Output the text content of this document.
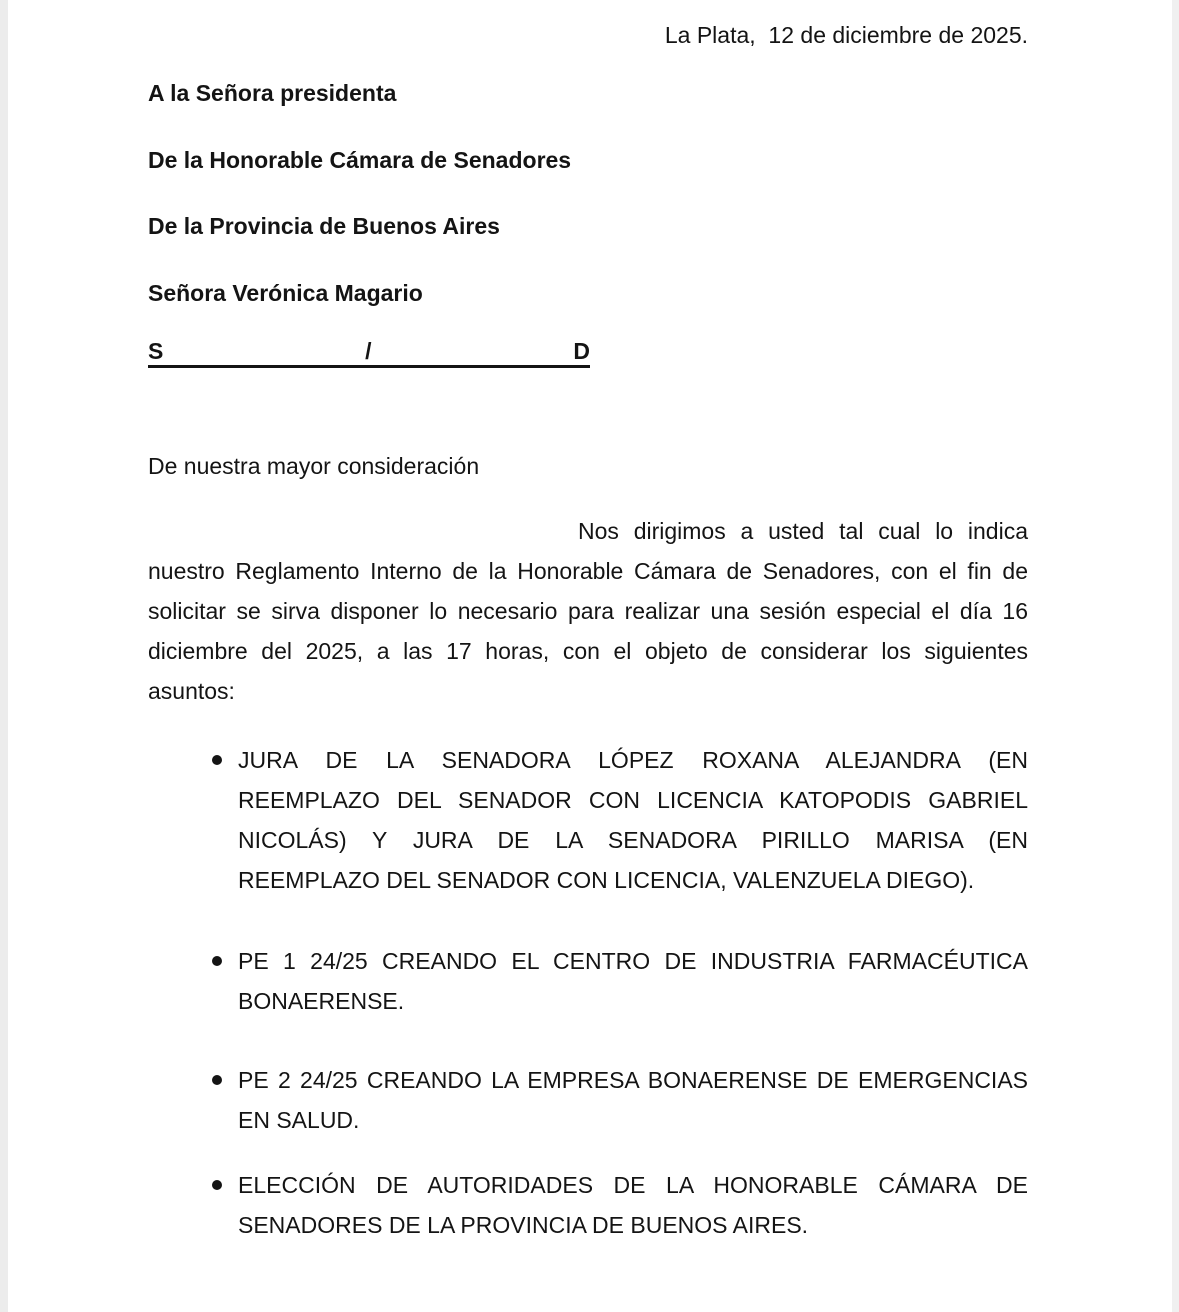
La Plata,  12 de diciembre de 2025.
A la Señora presidenta
De la Honorable Cámara de Senadores
De la Provincia de Buenos Aires
Señora Verónica Magario
S	/	D
De nuestra mayor consideración
Nos dirigimos a usted tal cual lo indica
nuestro Reglamento Interno de la Honorable Cámara de Senadores, con el fin de
solicitar se sirva disponer lo necesario para realizar una sesión especial el día 16
diciembre del 2025, a las 17 horas, con el objeto de considerar los siguientes
asuntos:
JURA DE LA SENADORA LÓPEZ ROXANA ALEJANDRA (EN
REEMPLAZO DEL SENADOR CON LICENCIA KATOPODIS GABRIEL
NICOLÁS) Y JURA DE LA SENADORA PIRILLO MARISA (EN
REEMPLAZO DEL SENADOR CON LICENCIA, VALENZUELA DIEGO).
PE 1 24/25 CREANDO EL CENTRO DE INDUSTRIA FARMACÉUTICA
BONAERENSE.
PE 2 24/25 CREANDO LA EMPRESA BONAERENSE DE EMERGENCIAS
EN SALUD.
ELECCIÓN DE AUTORIDADES DE LA HONORABLE CÁMARA DE
SENADORES DE LA PROVINCIA DE BUENOS AIRES.
